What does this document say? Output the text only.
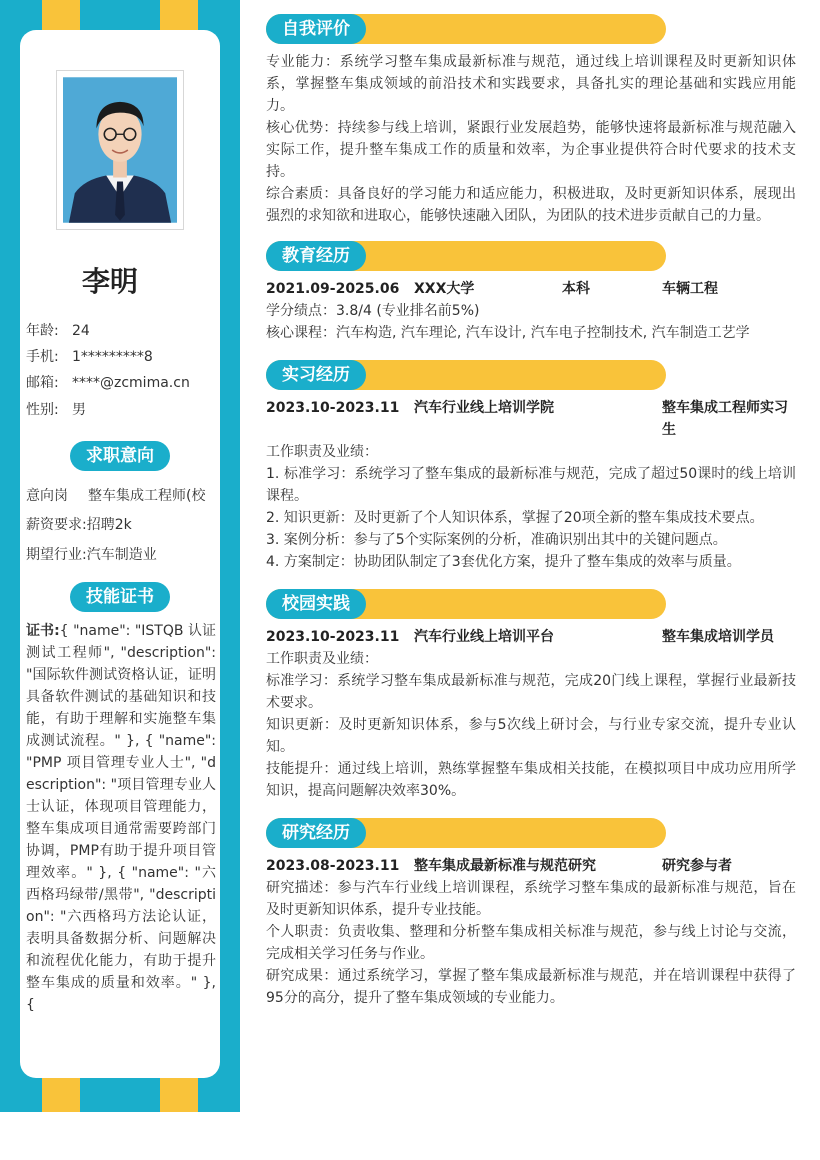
李明
年龄: 24
手机: 1*********8
邮箱: ****@zcmima.cn
性别: 男
求职意向
意向岗 整车集成工程师(校
薪资要求:招聘2k
期望行业:汽车制造业
技能证书
证书:{ "name": "ISTQB 认证测试工程师", "description": "国际软件测试资格认证，证明具备软件测试的基础知识和技能，有助于理解和实施整车集成测试流程。" }, { "name": "PMP 项目管理专业人士", "description": "项目管理专业人士认证，体现项目管理能力，整车集成项目通常需要跨部门协调，PMP有助于提升项目管理效率。" }, { "name": "六西格玛绿带/黑带", "description": "六西格玛方法论认证，表明具备数据分析、问题解决和流程优化能力，有助于提升整车集成的质量和效率。" }, {
自我评价

专业能力：系统学习整车集成最新标准与规范，通过线上培训课程及时更新知识体系，掌握整车集成领域的前沿技术和实践要求，具备扎实的理论基础和实践应用能力。

核心优势：持续参与线上培训，紧跟行业发展趋势，能够快速将最新标准与规范融入实际工作，提升整车集成工作的质量和效率，为企事业提供符合时代要求的技术支持。

综合素质：具备良好的学习能力和适应能力，积极进取，及时更新知识体系，展现出强烈的求知欲和进取心，能够快速融入团队，为团队的技术进步贡献自己的力量。

教育经历
2021.09-2025.06	XXX大学	本科	车辆工程

学分绩点：3.8/4 (专业排名前5%)

核心课程：汽车构造, 汽车理论, 汽车设计, 汽车电子控制技术, 汽车制造工艺学

实习经历
2023.10-2023.11	汽车行业线上培训学院	整车集成工程师实习生

工作职责及业绩：

1. 标准学习：系统学习了整车集成的最新标准与规范，完成了超过50课时的线上培训课程。

2. 知识更新：及时更新了个人知识体系，掌握了20项全新的整车集成技术要点。

3. 案例分析：参与了5个实际案例的分析，准确识别出其中的关键问题点。

4. 方案制定：协助团队制定了3套优化方案，提升了整车集成的效率与质量。

校园实践
2023.10-2023.11	汽车行业线上培训平台	整车集成培训学员

工作职责及业绩：

标准学习：系统学习整车集成最新标准与规范，完成20门线上课程，掌握行业最新技术要求。

知识更新：及时更新知识体系，参与5次线上研讨会，与行业专家交流，提升专业认知。

技能提升：通过线上培训，熟练掌握整车集成相关技能，在模拟项目中成功应用所学知识，提高问题解决效率30%。

研究经历
2023.08-2023.11	整车集成最新标准与规范研究	研究参与者

研究描述：参与汽车行业线上培训课程，系统学习整车集成的最新标准与规范，旨在及时更新知识体系，提升专业技能。

个人职责：负责收集、整理和分析整车集成相关标准与规范，参与线上讨论与交流，完成相关学习任务与作业。

研究成果：通过系统学习，掌握了整车集成最新标准与规范，并在培训课程中获得了95分的高分，提升了整车集成领域的专业能力。
